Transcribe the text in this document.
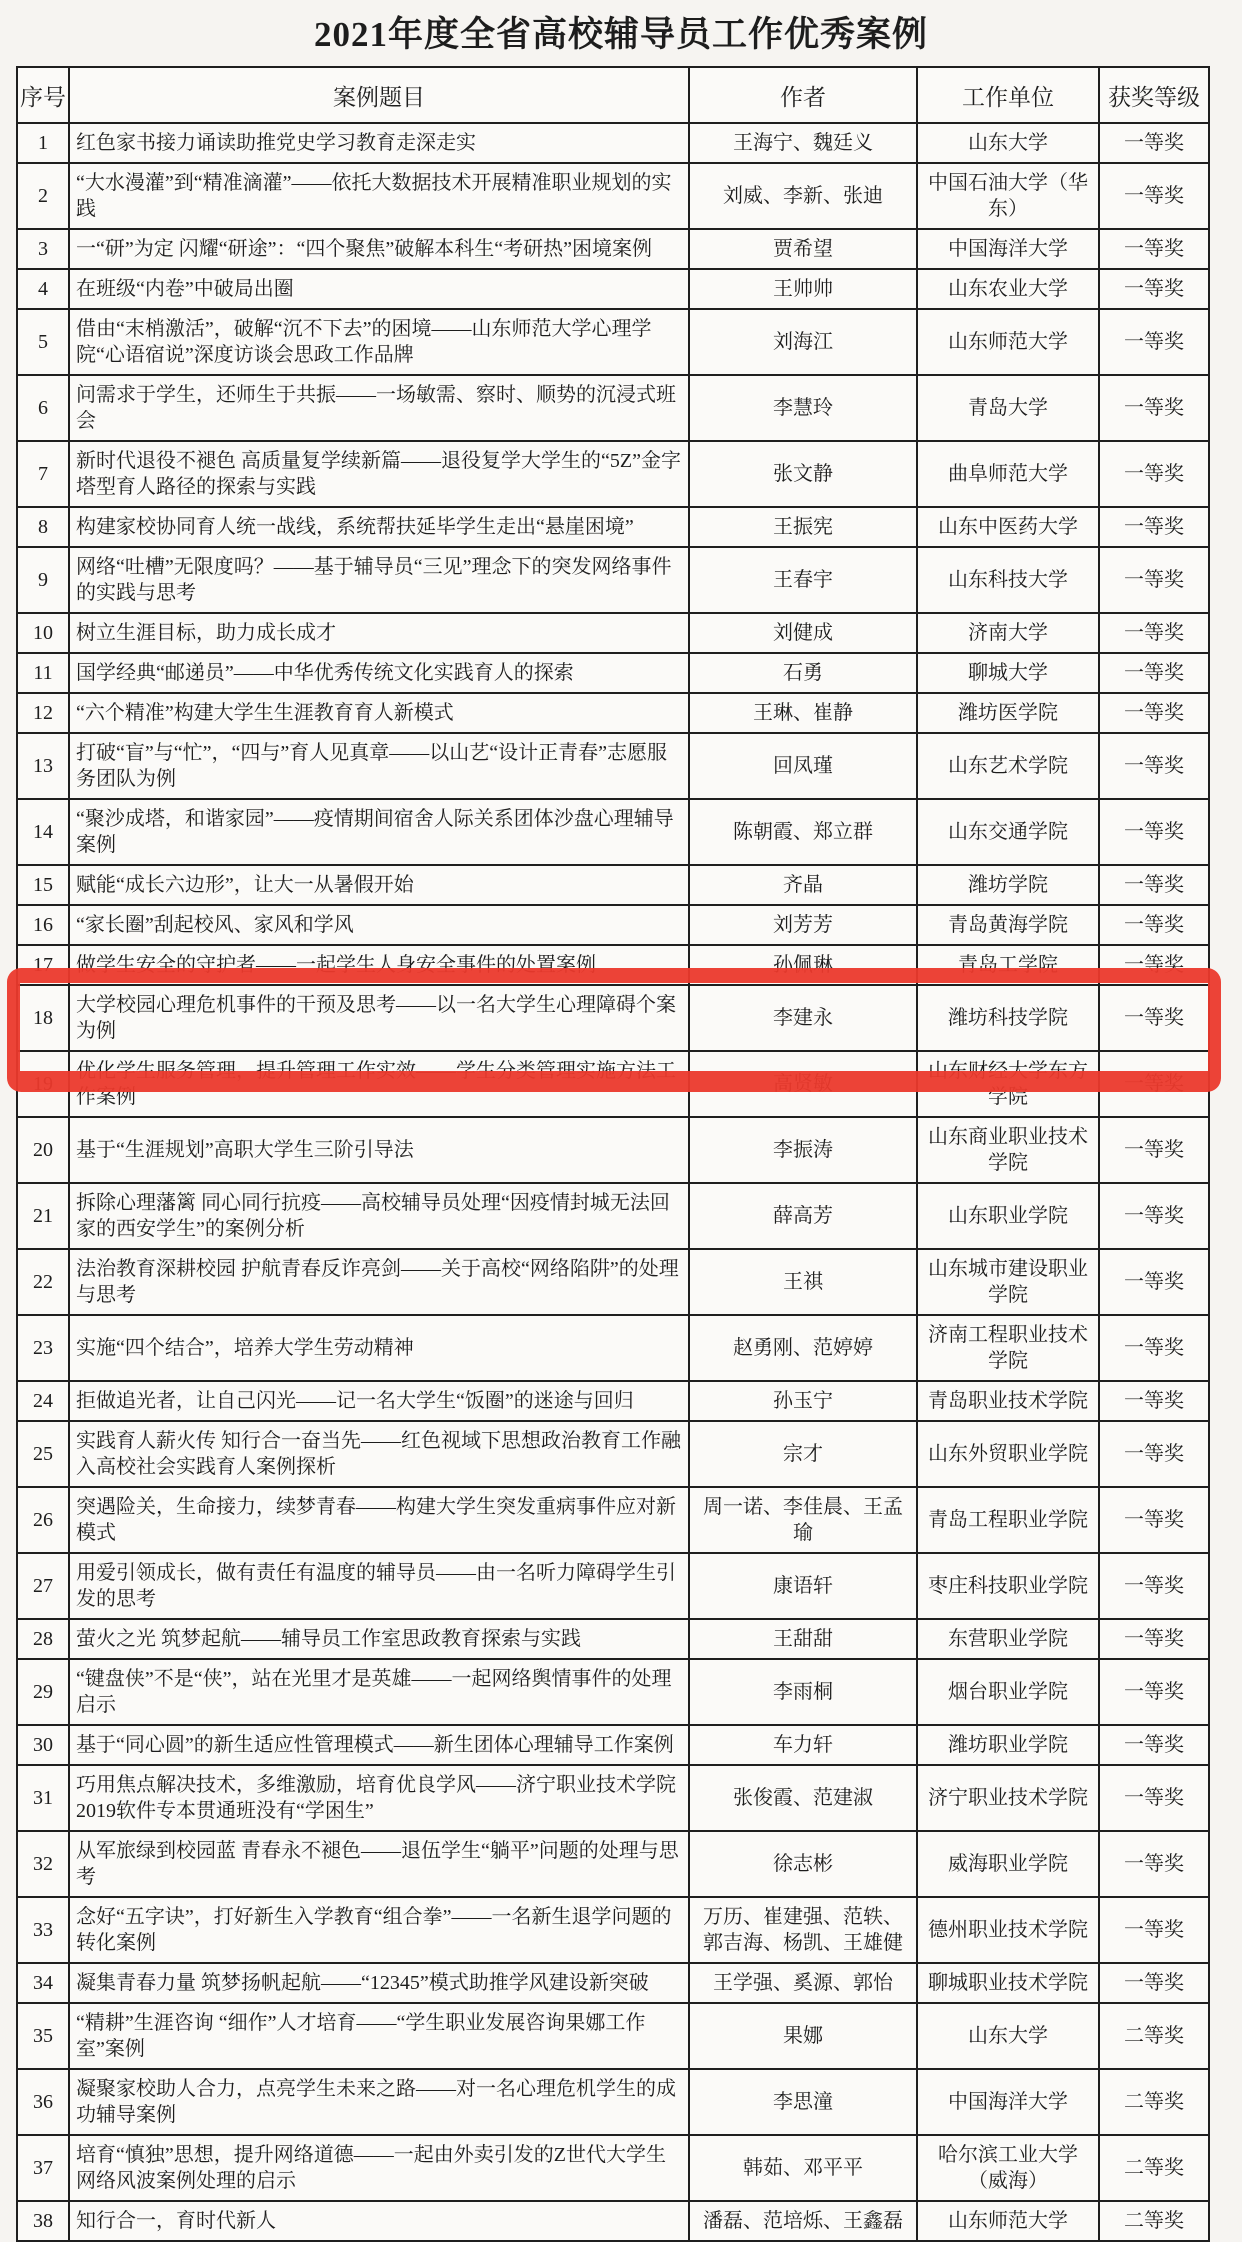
2021年度全省高校辅导员工作优秀案例
序号	案例题目	作者	工作单位	获奖等级
1	红色家书接力诵读助推党史学习教育走深走实	王海宁、魏廷义	山东大学	一等奖
2	“大水漫灌”到“精准滴灌”——依托大数据技术开展精准职业规划的实践	刘威、李新、张迪	中国石油大学（华东）	一等奖
3	一“研”为定 闪耀“研途”：“四个聚焦”破解本科生“考研热”困境案例	贾希望	中国海洋大学	一等奖
4	在班级“内卷”中破局出圈	王帅帅	山东农业大学	一等奖
5	借由“末梢激活”，破解“沉不下去”的困境——山东师范大学心理学院“心语宿说”深度访谈会思政工作品牌	刘海江	山东师范大学	一等奖
6	问需求于学生，还师生于共振——一场敏需、察时、顺势的沉浸式班会	李慧玲	青岛大学	一等奖
7	新时代退役不褪色 高质量复学续新篇——退役复学大学生的“5Z”金字塔型育人路径的探索与实践	张文静	曲阜师范大学	一等奖
8	构建家校协同育人统一战线，系统帮扶延毕学生走出“悬崖困境”	王振宪	山东中医药大学	一等奖
9	网络“吐槽”无限度吗？——基于辅导员“三见”理念下的突发网络事件的实践与思考	王春宇	山东科技大学	一等奖
10	树立生涯目标，助力成长成才	刘健成	济南大学	一等奖
11	国学经典“邮递员”——中华优秀传统文化实践育人的探索	石勇	聊城大学	一等奖
12	“六个精准”构建大学生生涯教育育人新模式	王琳、崔静	潍坊医学院	一等奖
13	打破“盲”与“忙”，“四与”育人见真章——以山艺“设计正青春”志愿服务团队为例	回凤瑾	山东艺术学院	一等奖
14	“聚沙成塔，和谐家园”——疫情期间宿舍人际关系团体沙盘心理辅导案例	陈朝霞、郑立群	山东交通学院	一等奖
15	赋能“成长六边形”，让大一从暑假开始	齐晶	潍坊学院	一等奖
16	“家长圈”刮起校风、家风和学风	刘芳芳	青岛黄海学院	一等奖
17	做学生安全的守护者——一起学生人身安全事件的处置案例	孙佩琳	青岛工学院	一等奖
18	大学校园心理危机事件的干预及思考——以一名大学生心理障碍个案为例	李建永	潍坊科技学院	一等奖
19	优化学生服务管理，提升管理工作实效——学生分类管理实施方法工作案例	高贤敏	山东财经大学东方学院	一等奖
20	基于“生涯规划”高职大学生三阶引导法	李振涛	山东商业职业技术学院	一等奖
21	拆除心理藩篱 同心同行抗疫——高校辅导员处理“因疫情封城无法回家的西安学生”的案例分析	薛高芳	山东职业学院	一等奖
22	法治教育深耕校园 护航青春反诈亮剑——关于高校“网络陷阱”的处理与思考	王祺	山东城市建设职业学院	一等奖
23	实施“四个结合”，培养大学生劳动精神	赵勇刚、范婷婷	济南工程职业技术学院	一等奖
24	拒做追光者，让自己闪光——记一名大学生“饭圈”的迷途与回归	孙玉宁	青岛职业技术学院	一等奖
25	实践育人薪火传 知行合一奋当先——红色视域下思想政治教育工作融入高校社会实践育人案例探析	宗才	山东外贸职业学院	一等奖
26	突遇险关，生命接力，续梦青春——构建大学生突发重病事件应对新模式	周一诺、李佳晨、王孟瑜	青岛工程职业学院	一等奖
27	用爱引领成长，做有责任有温度的辅导员——由一名听力障碍学生引发的思考	康语轩	枣庄科技职业学院	一等奖
28	萤火之光 筑梦起航——辅导员工作室思政教育探索与实践	王甜甜	东营职业学院	一等奖
29	“键盘侠”不是“侠”，站在光里才是英雄——一起网络舆情事件的处理启示	李雨桐	烟台职业学院	一等奖
30	基于“同心圆”的新生适应性管理模式——新生团体心理辅导工作案例	车力轩	潍坊职业学院	一等奖
31	巧用焦点解决技术，多维激励，培育优良学风——济宁职业技术学院2019软件专本贯通班没有“学困生”	张俊霞、范建淑	济宁职业技术学院	一等奖
32	从军旅绿到校园蓝 青春永不褪色——退伍学生“躺平”问题的处理与思考	徐志彬	威海职业学院	一等奖
33	念好“五字诀”，打好新生入学教育“组合拳”——一名新生退学问题的转化案例	万历、崔建强、范轶、郭吉海、杨凯、王雄健	德州职业技术学院	一等奖
34	凝集青春力量 筑梦扬帆起航——“12345”模式助推学风建设新突破	王学强、奚源、郭怡	聊城职业技术学院	一等奖
35	“精耕”生涯咨询 “细作”人才培育——“学生职业发展咨询果娜工作室”案例	果娜	山东大学	二等奖
36	凝聚家校助人合力，点亮学生未来之路——对一名心理危机学生的成功辅导案例	李思潼	中国海洋大学	二等奖
37	培育“慎独”思想，提升网络道德——一起由外卖引发的Z世代大学生网络风波案例处理的启示	韩茹、邓平平	哈尔滨工业大学（威海）	二等奖
38	知行合一，育时代新人	潘磊、范培烁、王鑫磊	山东师范大学	二等奖
